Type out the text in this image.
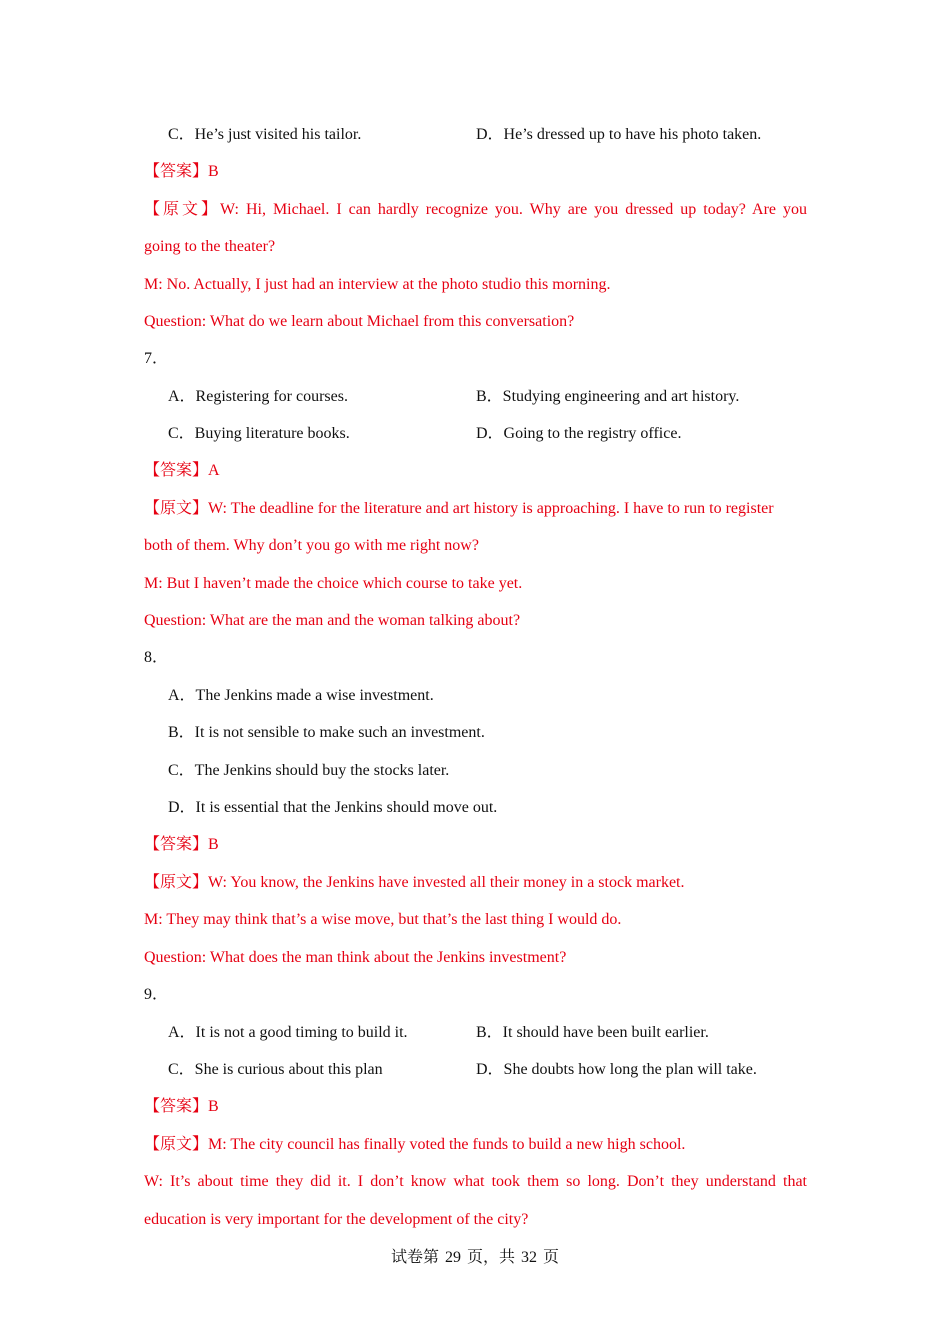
C．He’s just visited his tailor.	D．He’s dressed up to have his photo taken.
【答案】B
【原文】W: Hi, Michael. I can hardly recognize you. Why are you dressed up today? Are you
going to the theater?
M: No. Actually, I just had an interview at the photo studio this morning.
Question: What do we learn about Michael from this conversation?
7．
A．Registering for courses.	B．Studying engineering and art history.
C．Buying literature books.	D．Going to the registry office.
【答案】A
【原文】W: The deadline for the literature and art history is approaching. I have to run to register
both of them. Why don’t you go with me right now?
M: But I haven’t made the choice which course to take yet.
Question: What are the man and the woman talking about?
8．
A．The Jenkins made a wise investment.
B．It is not sensible to make such an investment.
C．The Jenkins should buy the stocks later.
D．It is essential that the Jenkins should move out.
【答案】B
【原文】W: You know, the Jenkins have invested all their money in a stock market.
M: They may think that’s a wise move, but that’s the last thing I would do.
Question: What does the man think about the Jenkins investment?
9．
A．It is not a good timing to build it.	B．It should have been built earlier.
C．She is curious about this plan	D．She doubts how long the plan will take.
【答案】B
【原文】M: The city council has finally voted the funds to build a new high school.
W: It’s about time they did it. I don’t know what took them so long. Don’t they understand that
education is very important for the development of the city?
试卷第 29 页，共 32 页
